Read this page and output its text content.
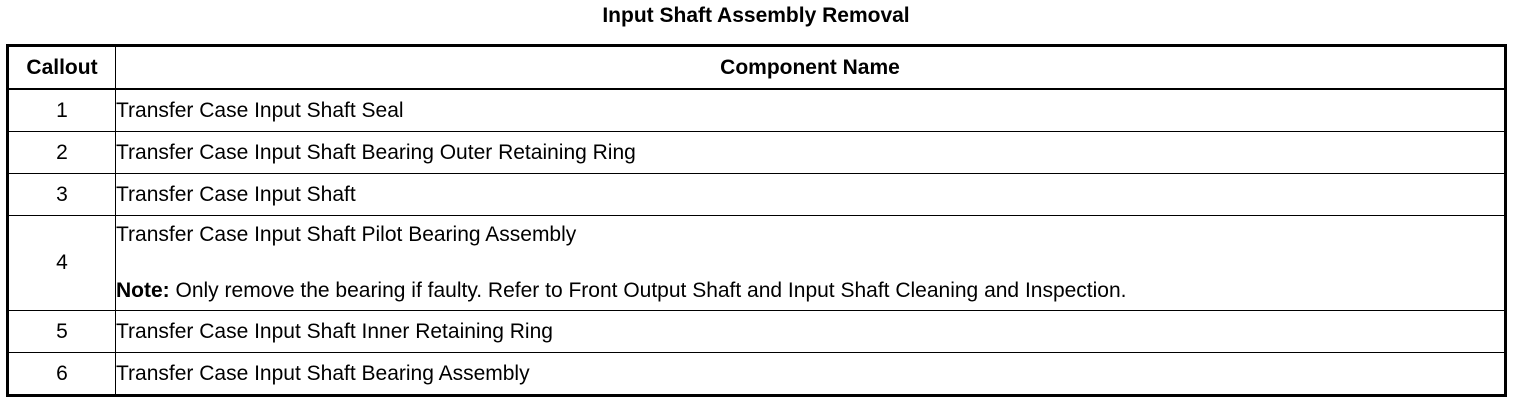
Input Shaft Assembly Removal
Callout	Component Name
1	Transfer Case Input Shaft Seal
2	Transfer Case Input Shaft Bearing Outer Retaining Ring
3	Transfer Case Input Shaft
4	Transfer Case Input Shaft Pilot Bearing Assembly
Note: Only remove the bearing if faulty. Refer to Front Output Shaft and Input Shaft Cleaning and Inspection.

5	Transfer Case Input Shaft Inner Retaining Ring
6	Transfer Case Input Shaft Bearing Assembly
